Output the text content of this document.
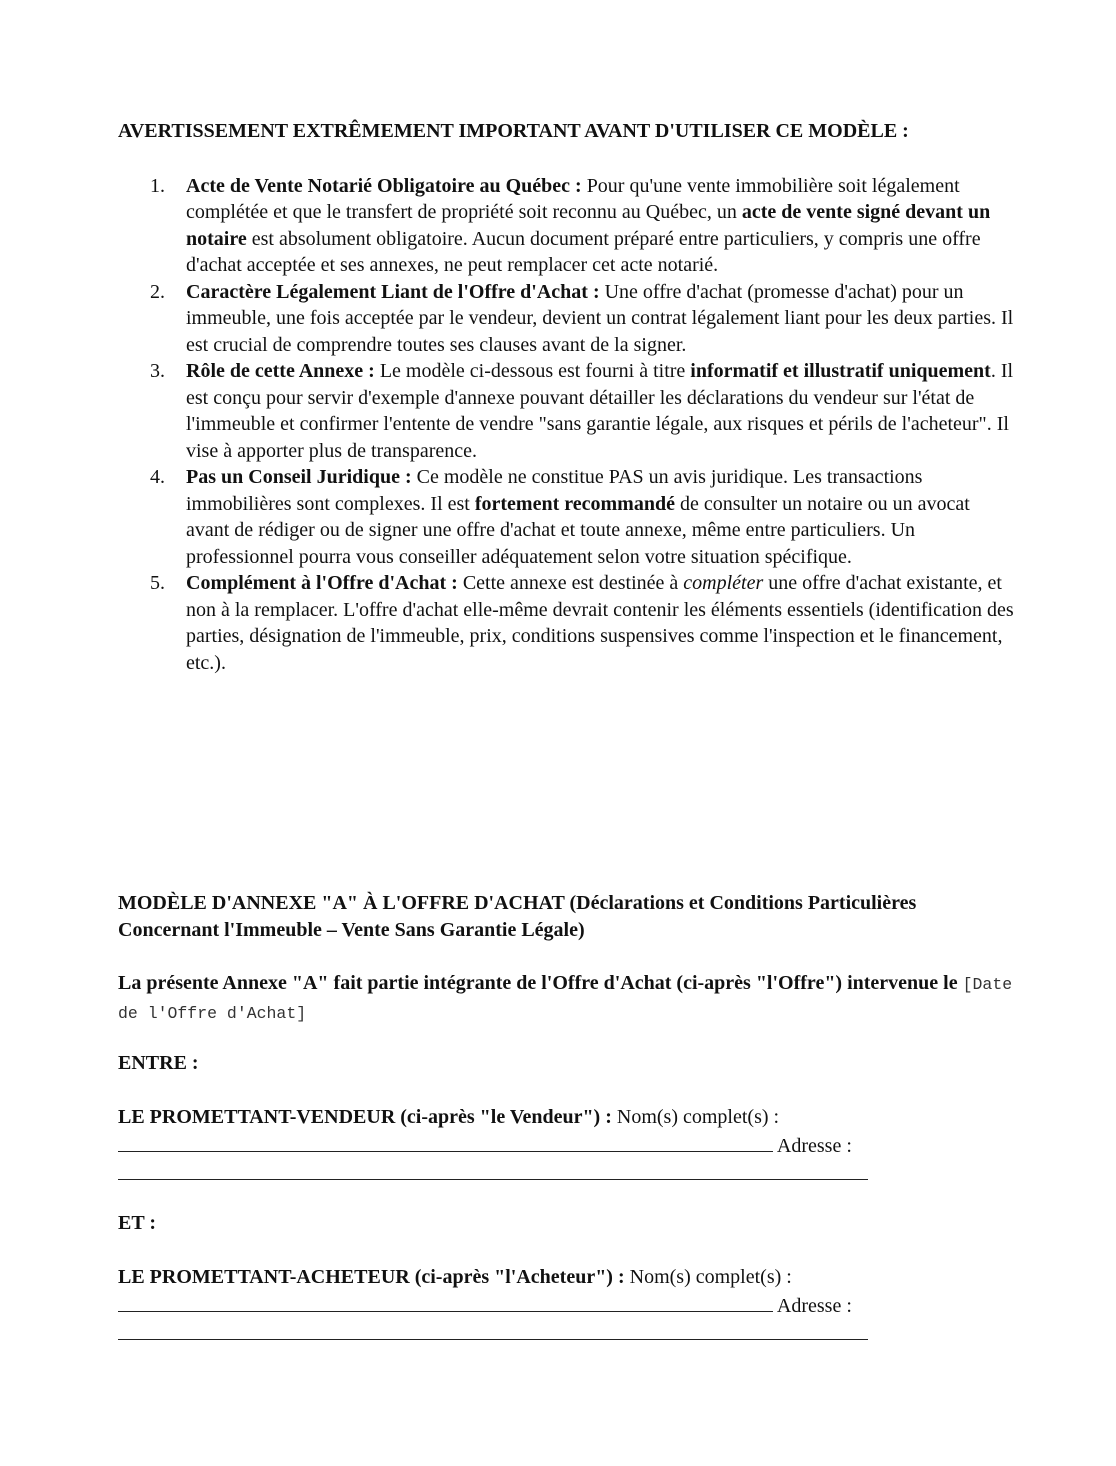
AVERTISSEMENT EXTRÊMEMENT IMPORTANT AVANT D'UTILISER CE MODÈLE :

1. Acte de Vente Notarié Obligatoire au Québec : Pour qu'une vente immobilière soit légalement complétée et que le transfert de propriété soit reconnu au Québec, un acte de vente signé devant un notaire est absolument obligatoire. Aucun document préparé entre particuliers, y compris une offre d'achat acceptée et ses annexes, ne peut remplacer cet acte notarié.
2. Caractère Légalement Liant de l'Offre d'Achat : Une offre d'achat (promesse d'achat) pour un immeuble, une fois acceptée par le vendeur, devient un contrat légalement liant pour les deux parties. Il est crucial de comprendre toutes ses clauses avant de la signer.
3. Rôle de cette Annexe : Le modèle ci-dessous est fourni à titre informatif et illustratif uniquement. Il est conçu pour servir d'exemple d'annexe pouvant détailler les déclarations du vendeur sur l'état de l'immeuble et confirmer l'entente de vendre "sans garantie légale, aux risques et périls de l'acheteur". Il vise à apporter plus de transparence.
4. Pas un Conseil Juridique : Ce modèle ne constitue PAS un avis juridique. Les transactions immobilières sont complexes. Il est fortement recommandé de consulter un notaire ou un avocat avant de rédiger ou de signer une offre d'achat et toute annexe, même entre particuliers. Un professionnel pourra vous conseiller adéquatement selon votre situation spécifique.
5. Complément à l'Offre d'Achat : Cette annexe est destinée à compléter une offre d'achat existante, et non à la remplacer. L'offre d'achat elle-même devrait contenir les éléments essentiels (identification des parties, désignation de l'immeuble, prix, conditions suspensives comme l'inspection et le financement, etc.).

MODÈLE D'ANNEXE "A" À L'OFFRE D'ACHAT (Déclarations et Conditions Particulières Concernant l'Immeuble – Vente Sans Garantie Légale)

La présente Annexe "A" fait partie intégrante de l'Offre d'Achat (ci-après "l'Offre") intervenue le [Date de l'Offre d'Achat]

ENTRE :

LE PROMETTANT-VENDEUR (ci-après "le Vendeur") : Nom(s) complet(s) :
Adresse :

ET :

LE PROMETTANT-ACHETEUR (ci-après "l'Acheteur") : Nom(s) complet(s) :
Adresse :
